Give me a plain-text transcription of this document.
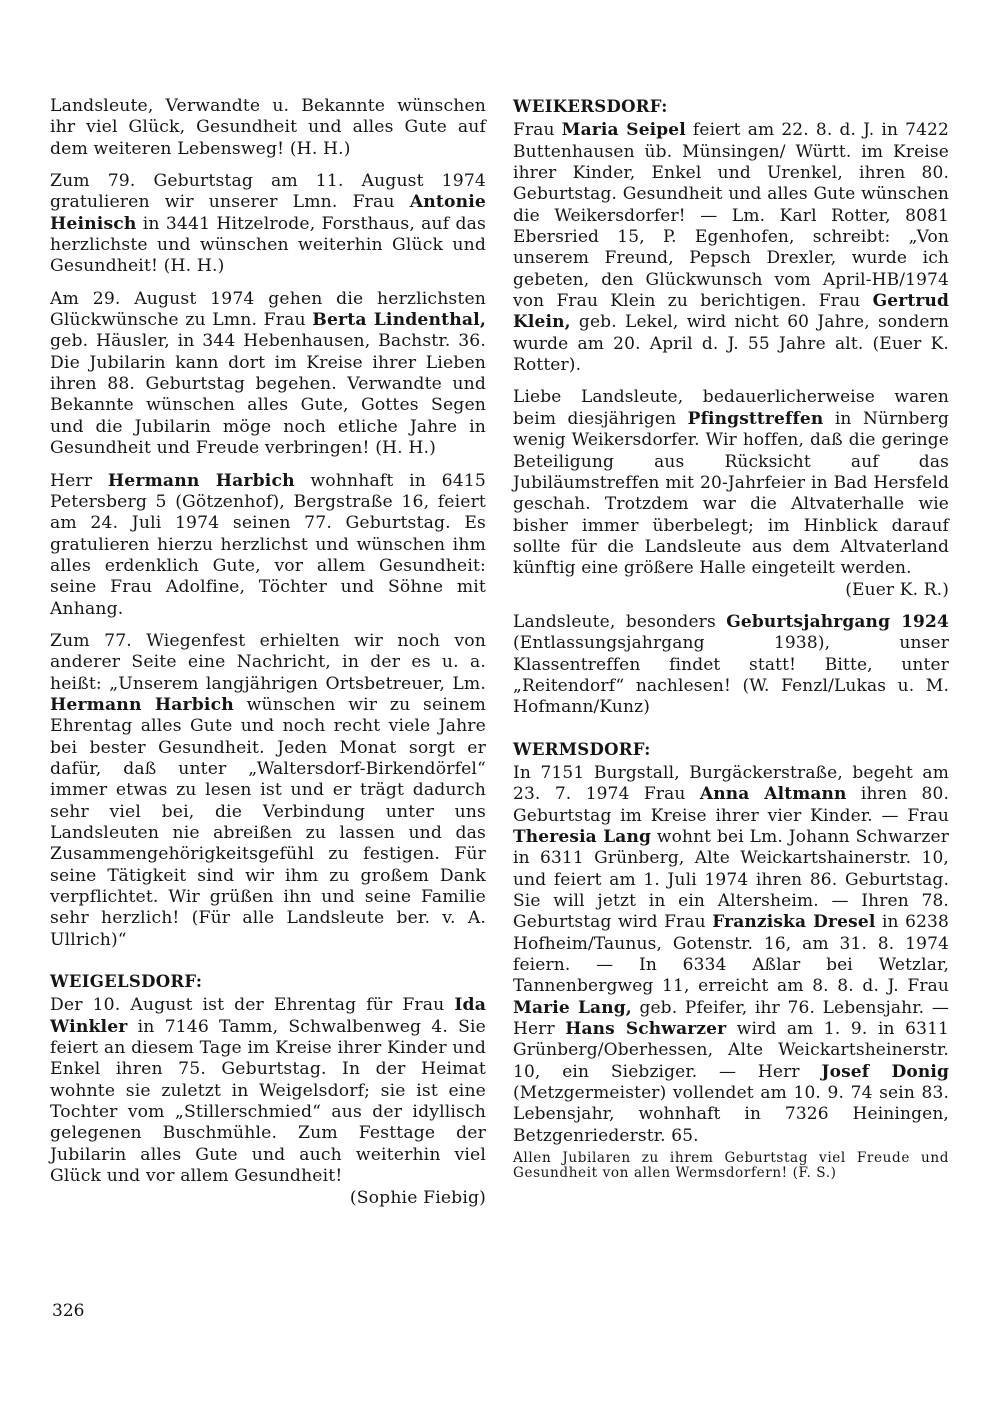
Landsleute, Verwandte u. Bekannte wünschen ihr viel Glück, Gesundheit und alles Gute auf dem weiteren Lebensweg! (H. H.)

Zum 79. Geburtstag am 11. August 1974 gratulieren wir unserer Lmn. Frau Antonie Heinisch in 3441 Hitzelrode, Forsthaus, auf das herzlichste und wünschen weiterhin Glück und Gesundheit! (H. H.)

Am 29. August 1974 gehen die herzlichsten Glückwünsche zu Lmn. Frau Berta Lindenthal, geb. Häusler, in 344 Hebenhausen, Bachstr. 36. Die Jubilarin kann dort im Kreise ihrer Lieben ihren 88. Geburtstag begehen. Verwandte und Bekannte wünschen alles Gute, Gottes Segen und die Jubilarin möge noch etliche Jahre in Gesundheit und Freude verbringen! (H. H.)

Herr Hermann Harbich wohnhaft in 6415 Petersberg 5 (Götzenhof), Bergstraße 16, feiert am 24. Juli 1974 seinen 77. Geburtstag. Es gratulieren hierzu herzlichst und wünschen ihm alles erdenklich Gute, vor allem Gesundheit: seine Frau Adolfine, Töchter und Söhne mit Anhang.

Zum 77. Wiegenfest erhielten wir noch von anderer Seite eine Nachricht, in der es u. a. heißt: „Unserem langjährigen Ortsbetreuer, Lm. Hermann Harbich wünschen wir zu seinem Ehrentag alles Gute und noch recht viele Jahre bei bester Gesundheit. Jeden Monat sorgt er dafür, daß unter „Waltersdorf-Birkendörfel“ immer etwas zu lesen ist und er trägt dadurch sehr viel bei, die Verbindung unter uns Landsleuten nie abreißen zu lassen und das Zusammengehörigkeitsgefühl zu festigen. Für seine Tätigkeit sind wir ihm zu großem Dank verpflichtet. Wir grüßen ihn und seine Familie sehr herzlich! (Für alle Landsleute ber. v. A. Ullrich)“

WEIGELSDORF:

Der 10. August ist der Ehrentag für Frau Ida Winkler in 7146 Tamm, Schwalbenweg 4. Sie feiert an diesem Tage im Kreise ihrer Kinder und Enkel ihren 75. Geburtstag. In der Heimat wohnte sie zuletzt in Weigelsdorf; sie ist eine Tochter vom „Stillerschmied“ aus der idyllisch gelegenen Buschmühle. Zum Festtage der Jubilarin alles Gute und auch weiterhin viel Glück und vor allem Gesundheit!

(Sophie Fiebig)

WEIKERSDORF:

Frau Maria Seipel feiert am 22. 8. d. J. in 7422 Buttenhausen üb. Münsingen/ Württ. im Kreise ihrer Kinder, Enkel und Urenkel, ihren 80. Geburtstag. Gesundheit und alles Gute wünschen die Weikersdorfer! — Lm. Karl Rotter, 8081 Ebersried 15, P. Egenhofen, schreibt: „Von unserem Freund, Pepsch Drexler, wurde ich gebeten, den Glückwunsch vom April-HB/1974 von Frau Klein zu berichtigen. Frau Gertrud Klein, geb. Lekel, wird nicht 60 Jahre, sondern wurde am 20. April d. J. 55 Jahre alt. (Euer K. Rotter).

Liebe Landsleute, bedauerlicherweise waren beim diesjährigen Pfingsttreffen in Nürnberg wenig Weikersdorfer. Wir hoffen, daß die geringe Beteiligung aus Rücksicht auf das Jubiläumstreffen mit 20-Jahrfeier in Bad Hersfeld geschah. Trotzdem war die Altvaterhalle wie bisher immer überbelegt; im Hinblick darauf sollte für die Landsleute aus dem Altvaterland künftig eine größere Halle eingeteilt werden.

(Euer K. R.)

Landsleute, besonders Geburtsjahrgang 1924 (Entlassungsjahrgang 1938), unser Klassentreffen findet statt! Bitte, unter „Reitendorf“ nachlesen! (W. Fenzl/Lukas u. M. Hofmann/Kunz)

WERMSDORF:

In 7151 Burgstall, Burgäckerstraße, begeht am 23. 7. 1974 Frau Anna Altmann ihren 80. Geburtstag im Kreise ihrer vier Kinder. — Frau Theresia Lang wohnt bei Lm. Johann Schwarzer in 6311 Grünberg, Alte Weickartshainerstr. 10, und feiert am 1. Juli 1974 ihren 86. Geburtstag. Sie will jetzt in ein Altersheim. — Ihren 78. Geburtstag wird Frau Franziska Dresel in 6238 Hofheim/Taunus, Gotenstr. 16, am 31. 8. 1974 feiern. — In 6334 Aßlar bei Wetzlar, Tannenbergweg 11, erreicht am 8. 8. d. J. Frau Marie Lang, geb. Pfeifer, ihr 76. Lebensjahr. — Herr Hans Schwarzer wird am 1. 9. in 6311 Grünberg/Oberhessen, Alte Weickartsheinerstr. 10, ein Siebziger. — Herr Josef Donig (Metzgermeister) vollendet am 10. 9. 74 sein 83. Lebensjahr, wohnhaft in 7326 Heiningen, Betzgenriederstr. 65.

Allen Jubilaren zu ihrem Geburtstag viel Freude und Gesundheit von allen Wermsdorfern! (F. S.)

326
